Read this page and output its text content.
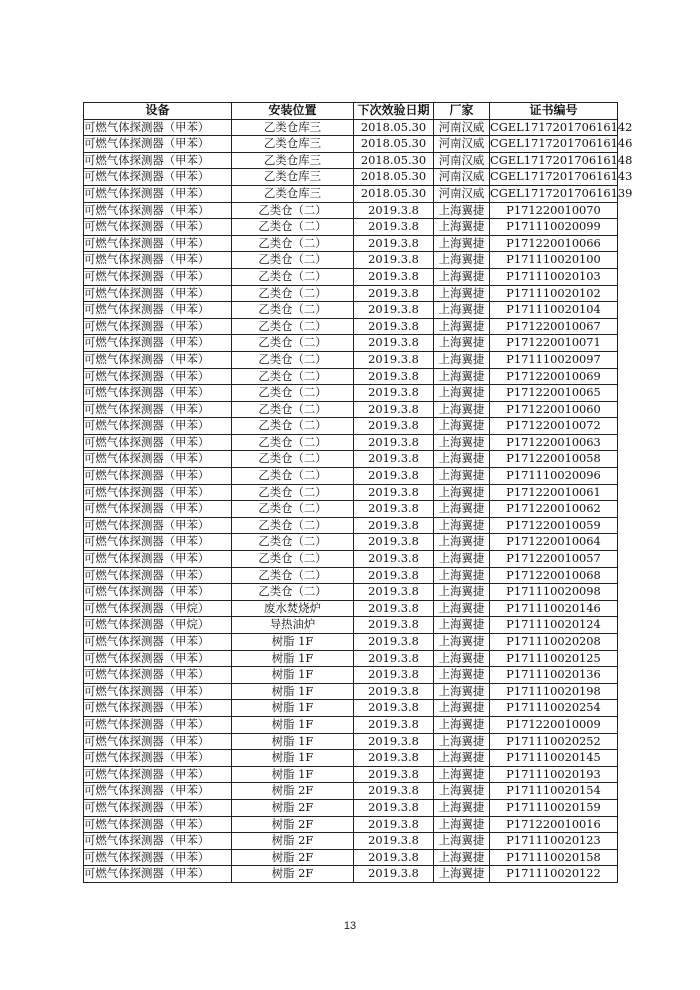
设备	安装位置	下次效验日期	厂家	证书编号
可燃气体探测器（甲苯）	乙类仓库三	2018.05.30	河南汉威	CGEL171720170616142
可燃气体探测器（甲苯）	乙类仓库三	2018.05.30	河南汉威	CGEL171720170616146
可燃气体探测器（甲苯）	乙类仓库三	2018.05.30	河南汉威	CGEL171720170616148
可燃气体探测器（甲苯）	乙类仓库三	2018.05.30	河南汉威	CGEL171720170616143
可燃气体探测器（甲苯）	乙类仓库三	2018.05.30	河南汉威	CGEL171720170616139
可燃气体探测器（甲苯）	乙类仓（二）	2019.3.8	上海翼捷	P171220010070
可燃气体探测器（甲苯）	乙类仓（二）	2019.3.8	上海翼捷	P171110020099
可燃气体探测器（甲苯）	乙类仓（二）	2019.3.8	上海翼捷	P171220010066
可燃气体探测器（甲苯）	乙类仓（二）	2019.3.8	上海翼捷	P171110020100
可燃气体探测器（甲苯）	乙类仓（二）	2019.3.8	上海翼捷	P171110020103
可燃气体探测器（甲苯）	乙类仓（二）	2019.3.8	上海翼捷	P171110020102
可燃气体探测器（甲苯）	乙类仓（二）	2019.3.8	上海翼捷	P171110020104
可燃气体探测器（甲苯）	乙类仓（二）	2019.3.8	上海翼捷	P171220010067
可燃气体探测器（甲苯）	乙类仓（二）	2019.3.8	上海翼捷	P171220010071
可燃气体探测器（甲苯）	乙类仓（二）	2019.3.8	上海翼捷	P171110020097
可燃气体探测器（甲苯）	乙类仓（二）	2019.3.8	上海翼捷	P171220010069
可燃气体探测器（甲苯）	乙类仓（二）	2019.3.8	上海翼捷	P171220010065
可燃气体探测器（甲苯）	乙类仓（二）	2019.3.8	上海翼捷	P171220010060
可燃气体探测器（甲苯）	乙类仓（二）	2019.3.8	上海翼捷	P171220010072
可燃气体探测器（甲苯）	乙类仓（二）	2019.3.8	上海翼捷	P171220010063
可燃气体探测器（甲苯）	乙类仓（二）	2019.3.8	上海翼捷	P171220010058
可燃气体探测器（甲苯）	乙类仓（二）	2019.3.8	上海翼捷	P171110020096
可燃气体探测器（甲苯）	乙类仓（二）	2019.3.8	上海翼捷	P171220010061
可燃气体探测器（甲苯）	乙类仓（二）	2019.3.8	上海翼捷	P171220010062
可燃气体探测器（甲苯）	乙类仓（二）	2019.3.8	上海翼捷	P171220010059
可燃气体探测器（甲苯）	乙类仓（二）	2019.3.8	上海翼捷	P171220010064
可燃气体探测器（甲苯）	乙类仓（二）	2019.3.8	上海翼捷	P171220010057
可燃气体探测器（甲苯）	乙类仓（二）	2019.3.8	上海翼捷	P171220010068
可燃气体探测器（甲苯）	乙类仓（二）	2019.3.8	上海翼捷	P171110020098
可燃气体探测器（甲烷）	废水焚烧炉	2019.3.8	上海翼捷	P171110020146
可燃气体探测器（甲烷）	导热油炉	2019.3.8	上海翼捷	P171110020124
可燃气体探测器（甲苯）	树脂 1F	2019.3.8	上海翼捷	P171110020208
可燃气体探测器（甲苯）	树脂 1F	2019.3.8	上海翼捷	P171110020125
可燃气体探测器（甲苯）	树脂 1F	2019.3.8	上海翼捷	P171110020136
可燃气体探测器（甲苯）	树脂 1F	2019.3.8	上海翼捷	P171110020198
可燃气体探测器（甲苯）	树脂 1F	2019.3.8	上海翼捷	P171110020254
可燃气体探测器（甲苯）	树脂 1F	2019.3.8	上海翼捷	P171220010009
可燃气体探测器（甲苯）	树脂 1F	2019.3.8	上海翼捷	P171110020252
可燃气体探测器（甲苯）	树脂 1F	2019.3.8	上海翼捷	P171110020145
可燃气体探测器（甲苯）	树脂 1F	2019.3.8	上海翼捷	P171110020193
可燃气体探测器（甲苯）	树脂 2F	2019.3.8	上海翼捷	P171110020154
可燃气体探测器（甲苯）	树脂 2F	2019.3.8	上海翼捷	P171110020159
可燃气体探测器（甲苯）	树脂 2F	2019.3.8	上海翼捷	P171220010016
可燃气体探测器（甲苯）	树脂 2F	2019.3.8	上海翼捷	P171110020123
可燃气体探测器（甲苯）	树脂 2F	2019.3.8	上海翼捷	P171110020158
可燃气体探测器（甲苯）	树脂 2F	2019.3.8	上海翼捷	P171110020122
13
